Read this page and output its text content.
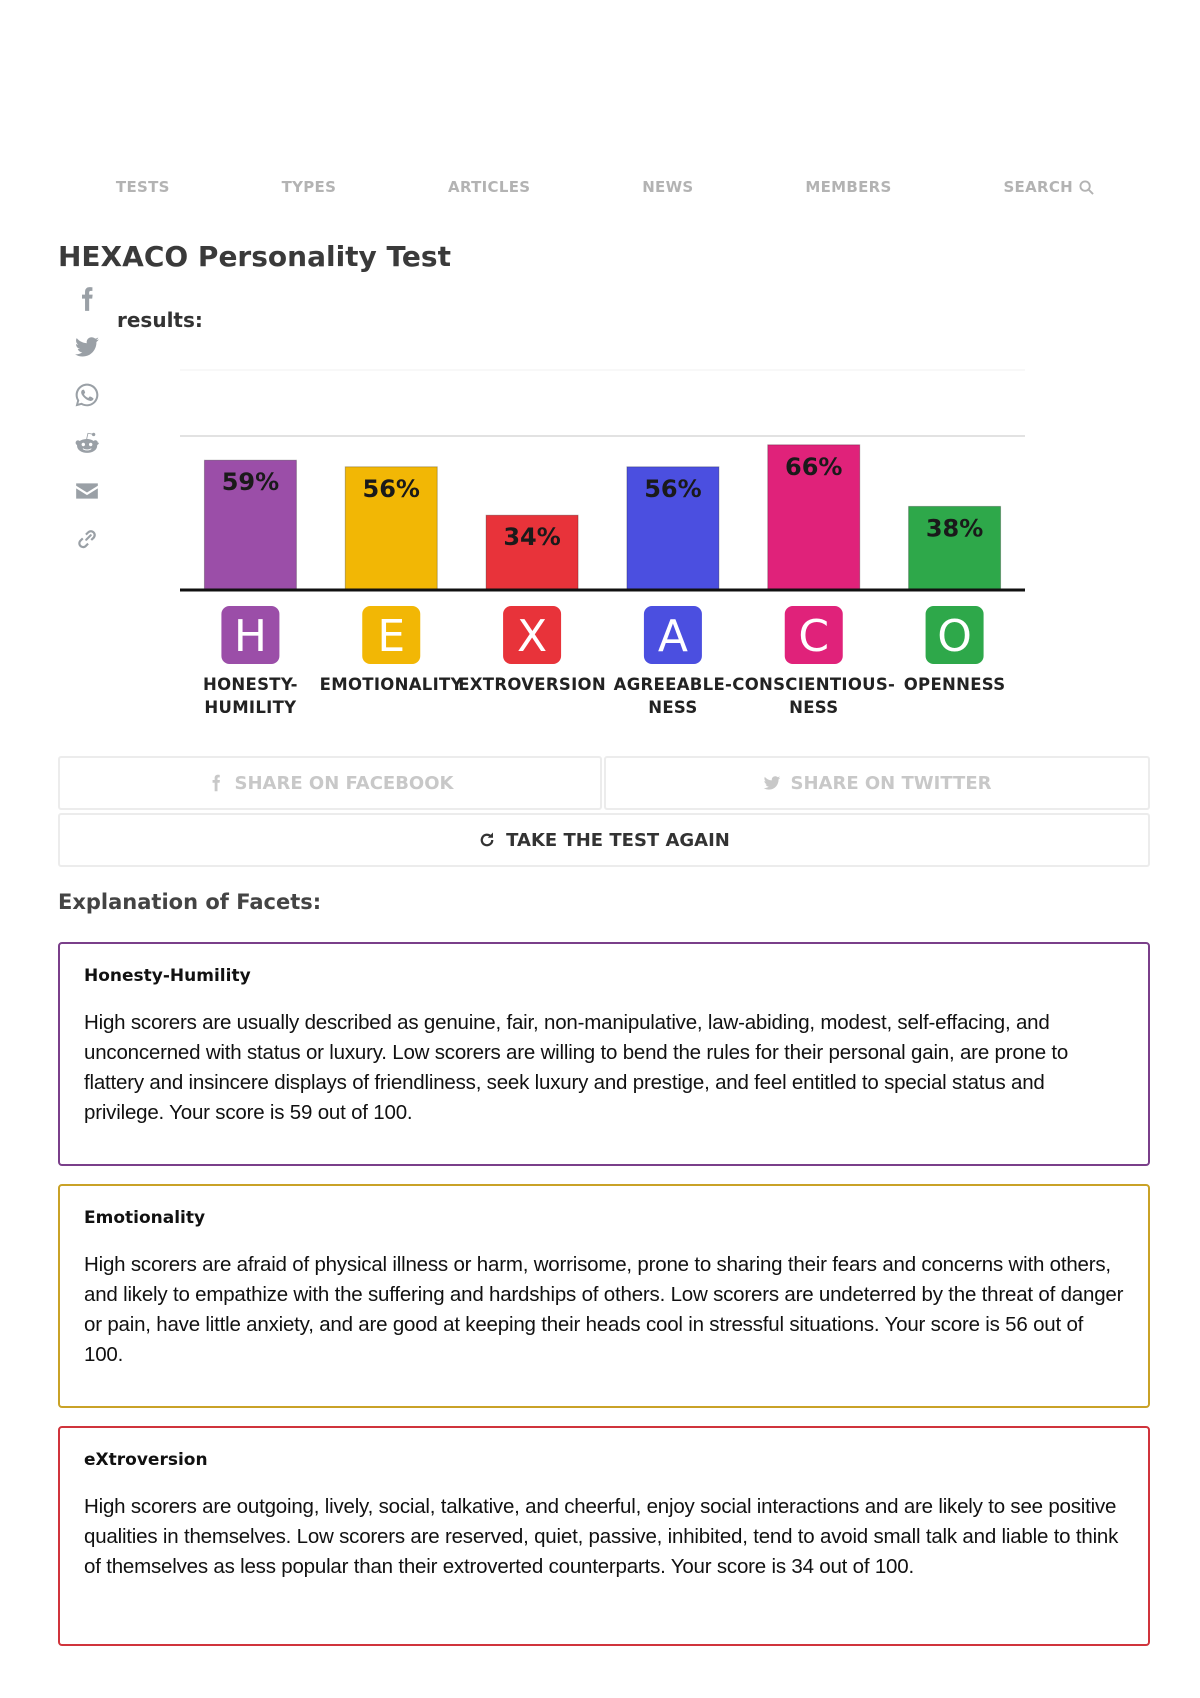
TESTS	TYPES	ARTICLES	NEWS	MEMBERS	SEARCH
HEXACO Personality Test
results:
59%
H
HONESTY-
HUMILITY
56%
E
EMOTIONALITY
34%
X
EXTROVERSION
56%
A
AGREEABLE-
NESS
66%
C
CONSCIENTIOUS-
NESS
38%
O
OPENNESS
SHARE ON FACEBOOK	SHARE ON TWITTER
TAKE THE TEST AGAIN
Explanation of Facets:

Honesty-Humility

High scorers are usually described as genuine, fair, non-manipulative, law-abiding, modest, self-effacing, and unconcerned with status or luxury. Low scorers are willing to bend the rules for their personal gain, are prone to flattery and insincere displays of friendliness, seek luxury and prestige, and feel entitled to special status and privilege. Your score is 59 out of 100.

Emotionality

High scorers are afraid of physical illness or harm, worrisome, prone to sharing their fears and concerns with others, and likely to empathize with the suffering and hardships of others. Low scorers are undeterred by the threat of danger or pain, have little anxiety, and are good at keeping their heads cool in stressful situations. Your score is 56 out of 100.

eXtroversion

High scorers are outgoing, lively, social, talkative, and cheerful, enjoy social interactions and are likely to see positive qualities in themselves. Low scorers are reserved, quiet, passive, inhibited, tend to avoid small talk and liable to think of themselves as less popular than their extroverted counterparts. Your score is 34 out of 100.
